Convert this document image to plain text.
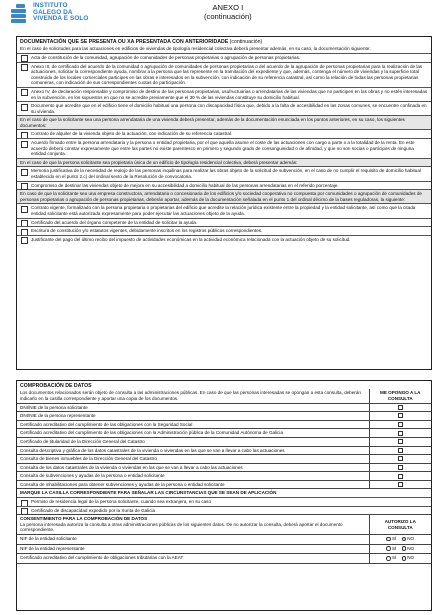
INSTITUTO
GALEGO DA
VIVENDA E SOLO
ANEXO I
(continuación)
DOCUMENTACIÓN QUE SE PRESENTA OU XA PRESENTADA CON ANTERIORIDADE (continuación)
En el caso de solicitudes para las actuaciones en edificios de viviendas de tipología residencial colectiva deberá presentar además, en su caso, la documentación siguiente:
Acta de constitución de la comunidad, agrupación de comunidades de personas propietarias o agrupación de personas propietarias.
Anexo III, de certificado del acuerdo de la comunidad o agrupación de comunidades de personas propietarias o del acuerdo de la agrupación de personas propietarias para la realización de las actuaciones, solicitar la correspondiente ayuda, nombrar a la persona que las represente en la tramitación del expediente y que, además, contenga el número de viviendas y la superficie total construida de los locales comerciales participes en las obras e interesados en la subvención, con indicación de su referencia catastral, así como la relación de todas las personas propietarias comuneras, con indicación de sus correspondientes cuotas de participación.
Anexo IV, de declaración responsable y compromiso de destino de las personas propietarias, usufructuarias o arrendatarias de las viviendas que no participen en las obras y no estén interesadas en la subvención, en los supuestos en que no se acredite previamente que el 30 % de las viviendas constituye su domicilio habitual.
Documento que acredite que en el edificio tiene el domicilio habitual una persona con discapacidad física que, debido a la falta de accesibilidad en las zonas comunes, se encuentre confinada en su vivienda.
En el caso de que la solicitante sea una persona arrendataria de una vivienda deberá presentar, además de la documentación enunciada en los puntos anteriores, en su caso, los siguientes documentos:
Contrato de alquiler de la vivienda objeto de la actuación, con indicación de su referencia catastral.
Acuerdo firmado entre la persona arrendataria y la persona o entidad propietaria, por el que aquella asume el coste de las actuaciones con cargo a parte o a la totalidad de la renta. En este acuerdo deberá constar expresamente que entre las partes no existe parentesco en primero y segundo grado de consanguinidad o de afinidad, y que no son socias o partícipes de ninguna entidad conjunta.
En el caso de que la persona solicitante sea propietaria única de un edificio de tipología residencial colectiva, deberá presentar además:
Memoria justificativa de la necesidad de realojo de las personas inquilinas para realizar las obras objeto de la solicitud de subvención, en el caso de no cumplir el requisito de domicilio habitual establecido en el punto 2.c) del ordinal sexto de la Resolución de convocatoria.
Compromiso de destinar las viviendas objeto de mejora en su accesibilidad a domicilio habitual de las personas arrendatarias en el referido porcentaje.
En caso de que la solicitante sea una empresa constructora, arrendataria o concesionaria de los edificios y/o sociedad cooperativa no compuesta por comunidades o agrupación de comunidades de personas propietarias o agrupación de personas propietarias, deberán aportar, además de la documentación señalada en el punto 1 del ordinal décimo de la bases reguladoras, la siguiente:
Contrato vigente, formalizado con la persona propietaria o propietarias del edificio que acredite la relación jurídica existente entre la propiedad y la entidad solicitante, así como que la citada entidad solicitante está autorizada expresamente para poder ejecutar las actuaciones objeto de la ayuda.
Certificado del acuerdo del órgano competente de la entidad de solicitar la ayuda.
Escritura de constitución y/o estatutos vigentes, debidamente inscritos en los registros públicos correspondientes.
Justificante del pago del último recibo del impuesto de actividades económicas en la actividad económica relacionada con la actuación objeto de su solicitud.
COMPROBACIÓN DE DATOS
Los documentos relacionados serán objeto de consulta a las administraciones públicas. En caso de que las personas interesadas se opongan a esta consulta, deberán indicarlo en la casilla correspondiente y aportar una copia de los documentos.	ME OPONGO A LA CONSULTA
DNI/NIE de la persona solicitante	
DNI/NIE de la persona representante	
Certificado acreditativo del cumplimiento de las obligaciones con la Seguridad Social	
Certificado acreditativo del cumplimiento de las obligaciones con la Administración pública de la Comunidad Autónoma de Galicia	
Certificado de titularidad de la Dirección General del Catastro	
Consulta descriptiva y gráfica de los datos catastrales de la vivienda o viviendas en las que se van a llevar a cabo las actuaciones	
Consulta de bienes inmuebles de la Dirección General del Catastro	
Consulta de los datos catastrales de la vivienda o viviendas en las que se van a llevar a cabo las actuaciones	
Consulta de subvenciones y ayudas de la persona o entidad solicitante	
Consulta de inhabilitaciones para obtener subvenciones y ayudas de la persona o entidad solicitante	
MARQUE LA CASILLA CORRESPONDIENTE PARA SEÑALAR LAS CIRCUNSTANCIAS QUE SE SEAN DE APLICACIÓN
Permiso de residencia legal de la persona solicitante, cuando sea extranjera, en su caso
Certificado de discapacidad expedido por la Xunta de Galicia
CONSENTIMIENTO PARA LA COMPROBACIÓN DE DATOS
La persona interesada autoriza la consulta a otras administraciones públicas de los siguientes datos. De no autorizar la consulta, deberá aportar el documento correspondiente.	AUTORIZO LA CONSULTA
NIF de la entidad solicitante	SÍ
NO

NIF de la entidad representante	SÍ
NO

Certificado acreditativo del cumplimiento de obligaciones tributarias con la AEAT	SÍ
NO
